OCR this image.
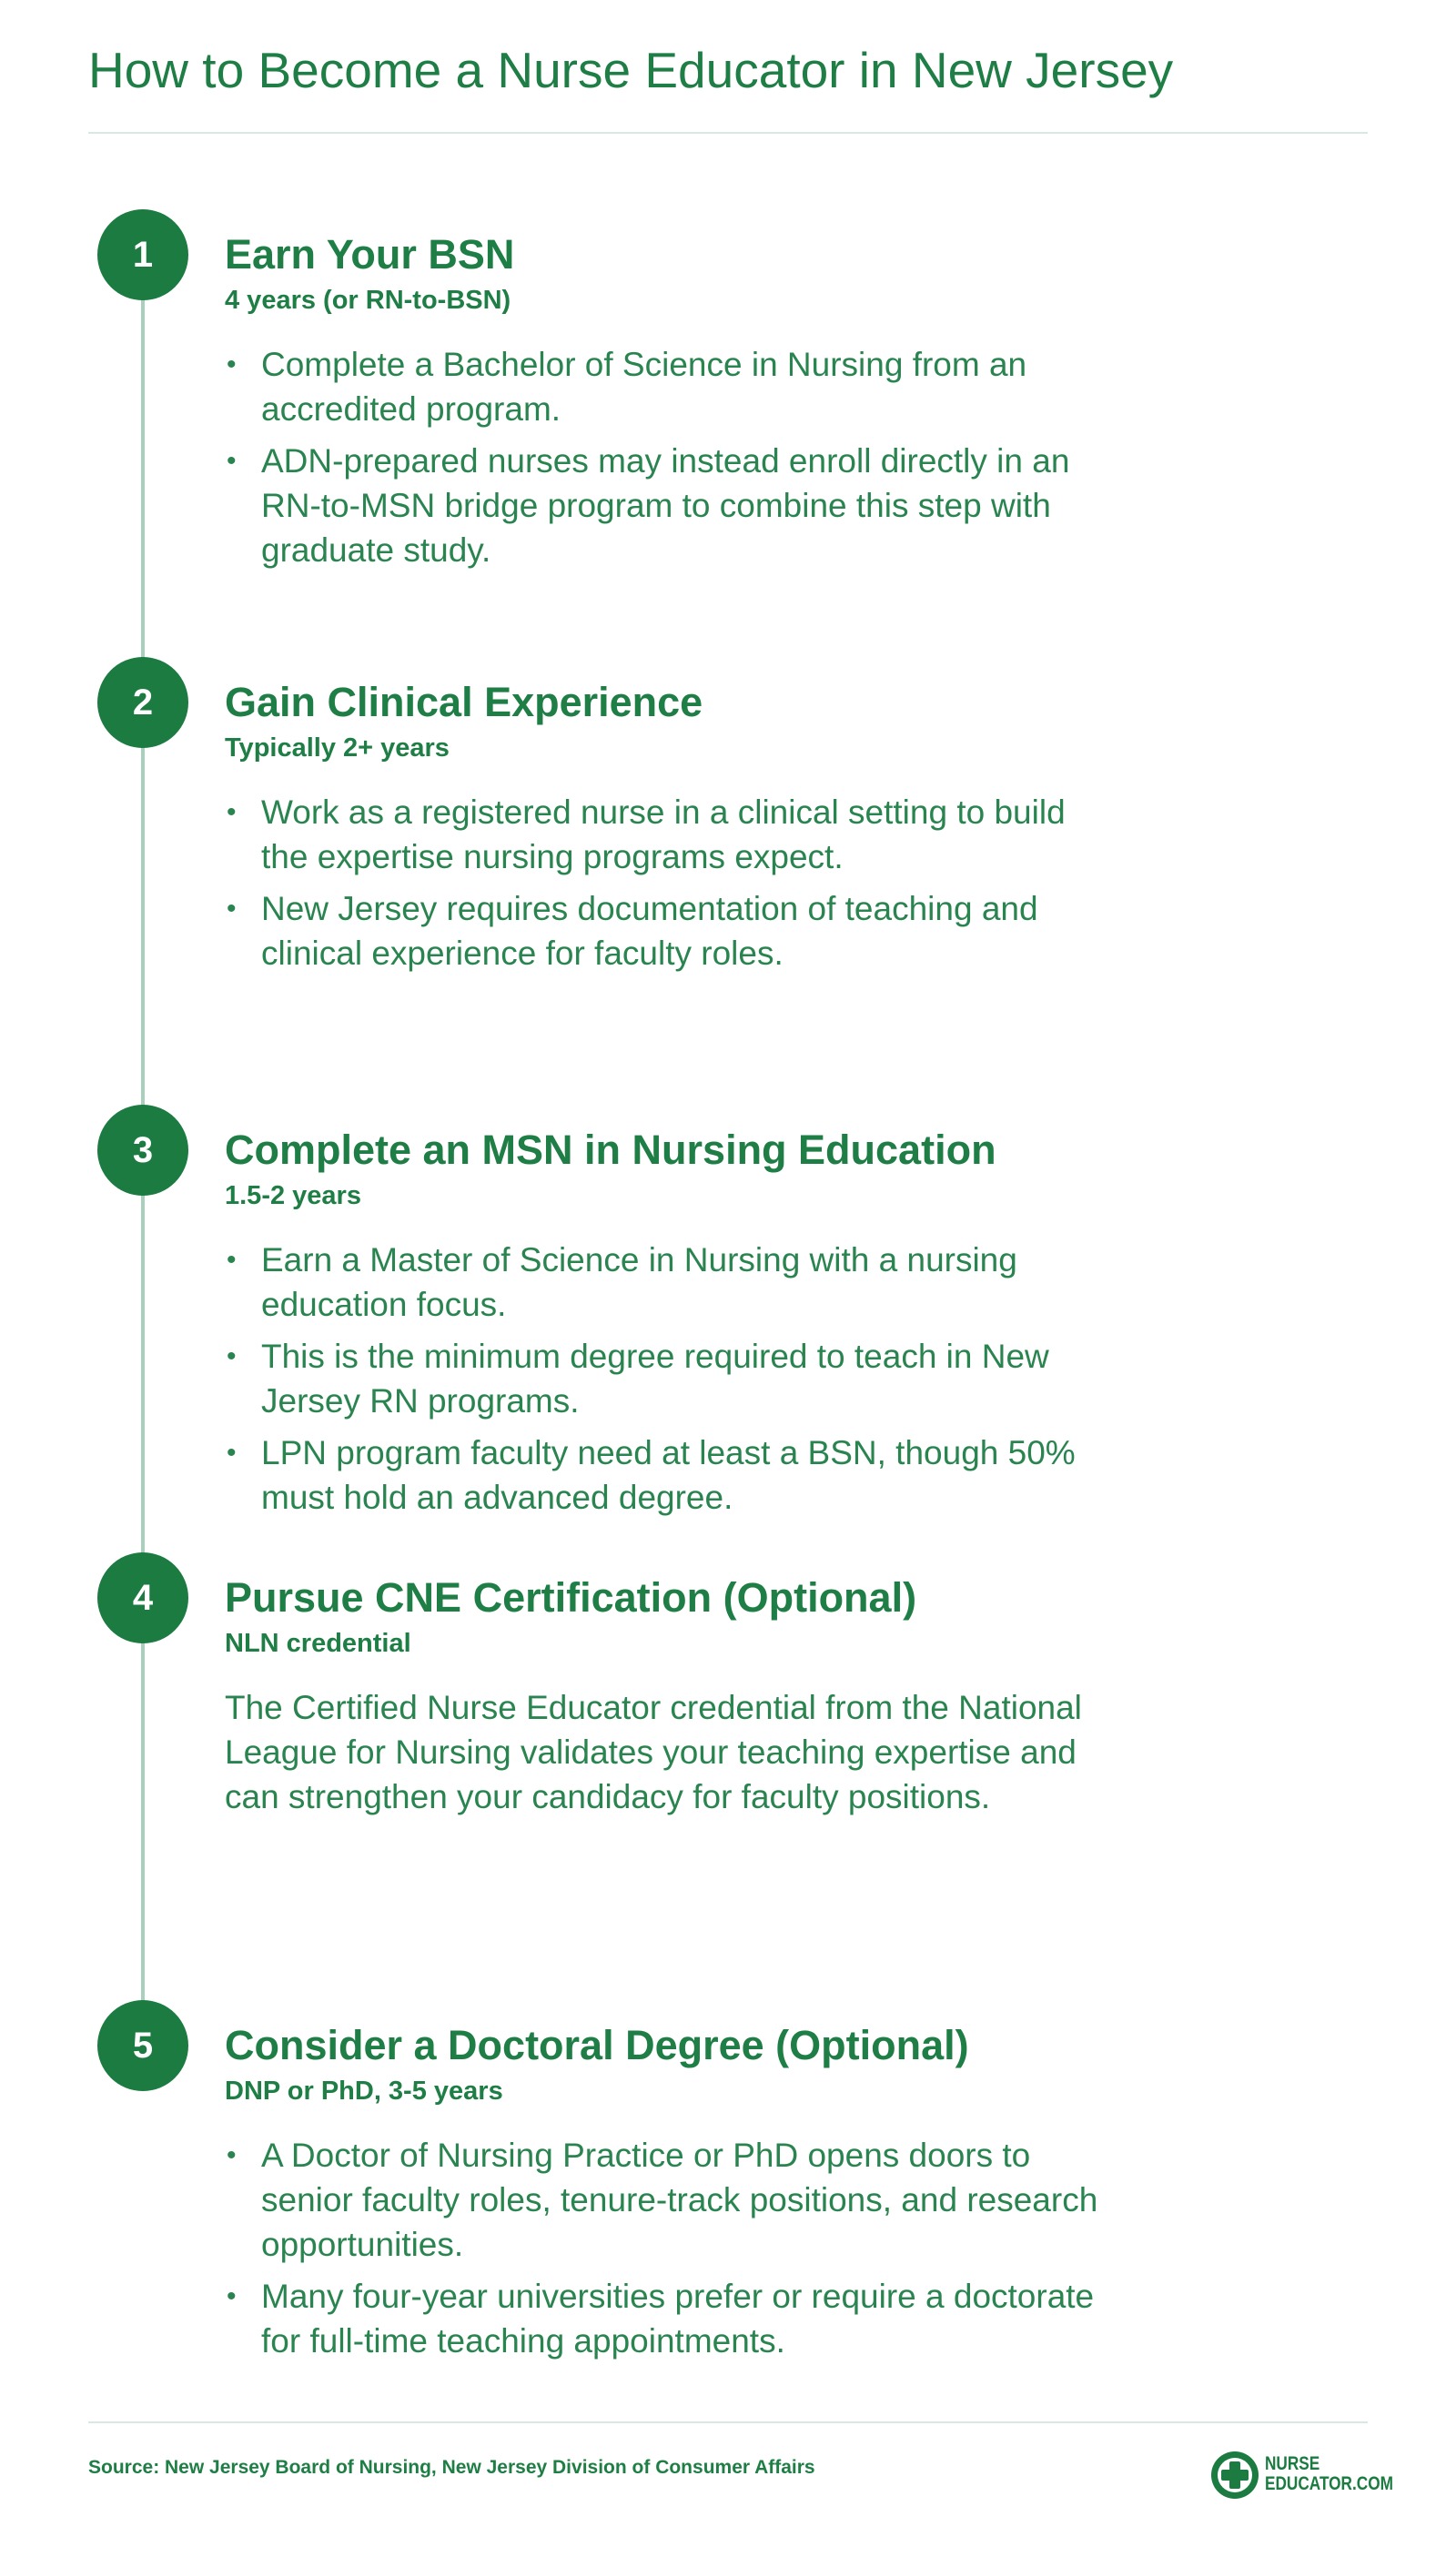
How to Become a Nurse Educator in New Jersey
1	Earn Your BSN

4 years (or RN-to-BSN)

• Complete a Bachelor of Science in Nursing from an accredited program.
• ADN-prepared nurses may instead enroll directly in an RN-to-MSN bridge program to combine this step with graduate study.
2	Gain Clinical Experience

Typically 2+ years

• Work as a registered nurse in a clinical setting to build the expertise nursing programs expect.
• New Jersey requires documentation of teaching and clinical experience for faculty roles.
3	Complete an MSN in Nursing Education

1.5-2 years

• Earn a Master of Science in Nursing with a nursing education focus.
• This is the minimum degree required to teach in New Jersey RN programs.
• LPN program faculty need at least a BSN, though 50% must hold an advanced degree.
4	Pursue CNE Certification (Optional)

NLN credential

The Certified Nurse Educator credential from the National League for Nursing validates your teaching expertise and can strengthen your candidacy for faculty positions.

5	Consider a Doctoral Degree (Optional)

DNP or PhD, 3-5 years

• A Doctor of Nursing Practice or PhD opens doors to senior faculty roles, tenure-track positions, and research opportunities.
• Many four-year universities prefer or require a doctorate for full-time teaching appointments.
Source: New Jersey Board of Nursing, New Jersey Division of Consumer Affairs	NURSE
EDUCATOR.COM
